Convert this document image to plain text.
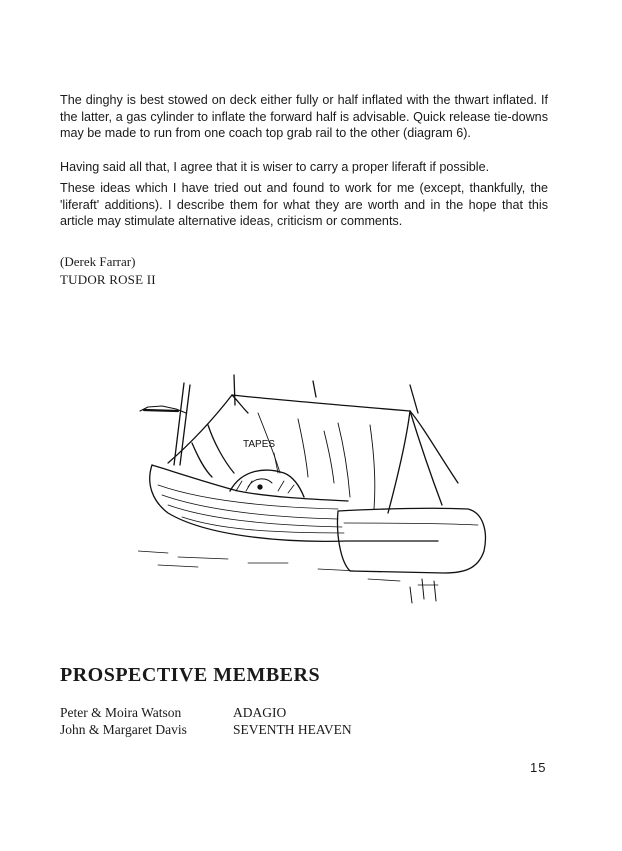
The dinghy is best stowed on deck either fully or half inflated with the thwart inflated. If the latter, a gas cylinder to inflate the forward half is advisable. Quick release tie-downs may be made to run from one coach top grab rail to the other (diagram 6).

Having said all that, I agree that it is wiser to carry a proper liferaft if possible.

These ideas which I have tried out and found to work for me (except, thankfully, the 'liferaft' additions). I describe them for what they are worth and in the hope that this article may stimulate alternative ideas, criticism or comments.

(Derek Farrar)
TUDOR ROSE II
TAPES
PROSPECTIVE MEMBERS
Peter & Moira Watson	ADAGIO
John & Margaret Davis	SEVENTH HEAVEN
15
